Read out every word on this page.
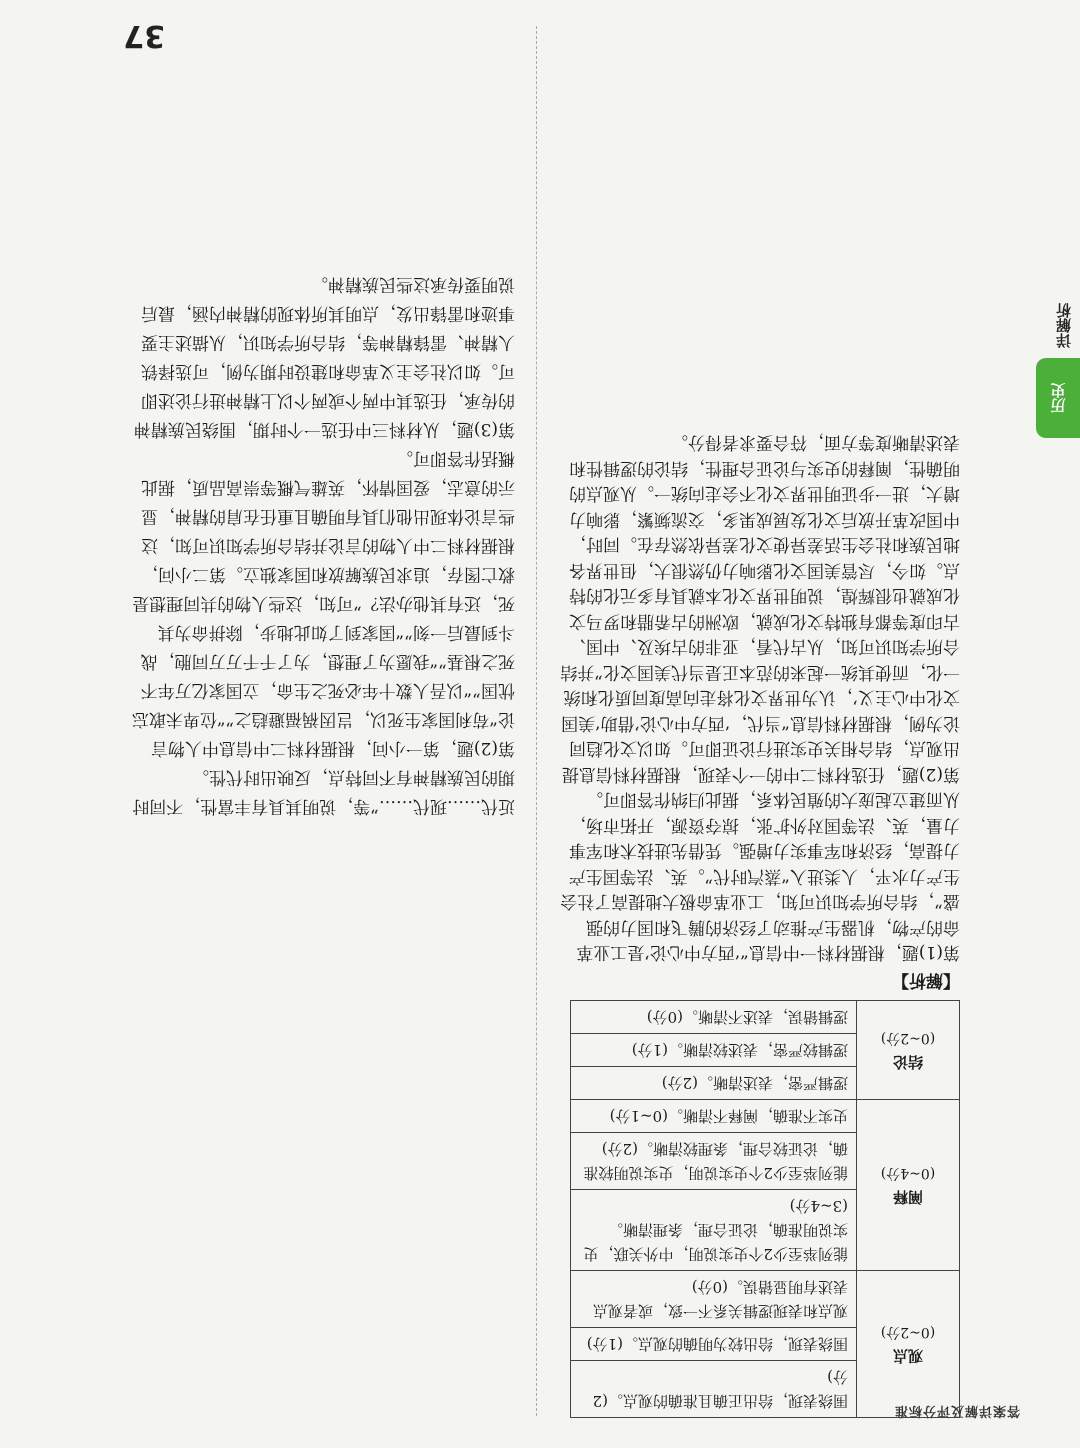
答案详解及评分标准
37
观点
(0~2分)	围绕表现，给出正确且准确的观点。(2分)
	围绕表现，给出较为明确的观点。(1分)
	观点和表现逻辑关系不一致，或者观点表述有明显错误。(0分)
阐释
(0~4分)	能列举至少2个史实说明，中外关联，史实说明准确，论证合理，条理清晰。(3~4分)
	能列举至少2个史实说明，史实说明较准确，论证较合理，条理较清晰。(2分)
	史实不准确，阐释不清晰。(0~1分)
结论
(0~2分)	逻辑严密，表述清晰。(2分)
	逻辑较严密，表述较清晰。(1分)
	逻辑错误，表述不清晰。(0分)
【解析】

第(1)题，根据材料一中信息“‘西方中心论’是工业革命的产物，机器生产推动了经济的腾飞和国力的强盛”，结合所学知识可知，工业革命极大地提高了社会生产力水平，人类进入“蒸汽时代”。英、法等国生产力提高，经济和军事实力增强。凭借先进技术和军事力量，英、法等国对外扩张，掠夺资源，开拓市场，从而建立起庞大的殖民体系，据此归纳作答即可。

第(2)题，任选材料二中的一个表现，根据材料信息提出观点，结合相关史实进行论证即可。如以文化趋同论为例，根据材料信息“当代，‘西方中心论’借助‘美国文化中心主义’，认为世界文化将走向高度同质化和统一化，而使其统一起来的范本正是当代美国文化”并结合所学知识可知，从古代看，亚非的古埃及、中国、古印度等都有独特文化成就，欧洲的古希腊和罗马文化成就也很辉煌，说明世界文化本就具有多元化的特点。如今，尽管美国文化影响力仍然很大，但世界各地民族和社会生活差异使文化差异依然存在。同时，中国改革开放后文化发展成果多，交流频繁，影响力增大，进一步证明世界文化不会走向统一。从观点的明确性，阐释的史实与论证合理性，结论的逻辑性和表述清晰度等方面，符合要求者得分。

近代……现代……”等，说明其具有丰富性，不同时期的民族精神有不同特点，反映出时代性。

第(2)题，第一小问，根据材料二中信息中人物言论“苟利国家生死以，岂因祸福避趋之”“位卑未敢忘忧国”“以吾人数十年必死之生命，立国家亿万年不死之根基”“我愿为了理想，为了千千万万同胞，战斗到最后一刻”“国家到了如此地步，除拼命为其死，还有其他办法？”可知，这些人物的共同理想是救亡图存，追求民族解放和国家独立。第二小问，根据材料二中人物的言论并结合所学知识可知，这些言论体现出他们具有明确且重任在肩的精神，显示的意志，爱国情怀，英雄气概等崇高品质，据此概括作答即可。

第(3)题，从材料三中任选一个时期，围绕民族精神的传承，任选其中两个或两个以上精神进行论述即可。如以社会主义革命和建设时期为例，可选择铁人精神、雷锋精神等，结合所学知识，从描述主要事迹和雷锋出发，点明其所体现的精神内涵，最后说明要传承这些民族精神。

历史
详解析
